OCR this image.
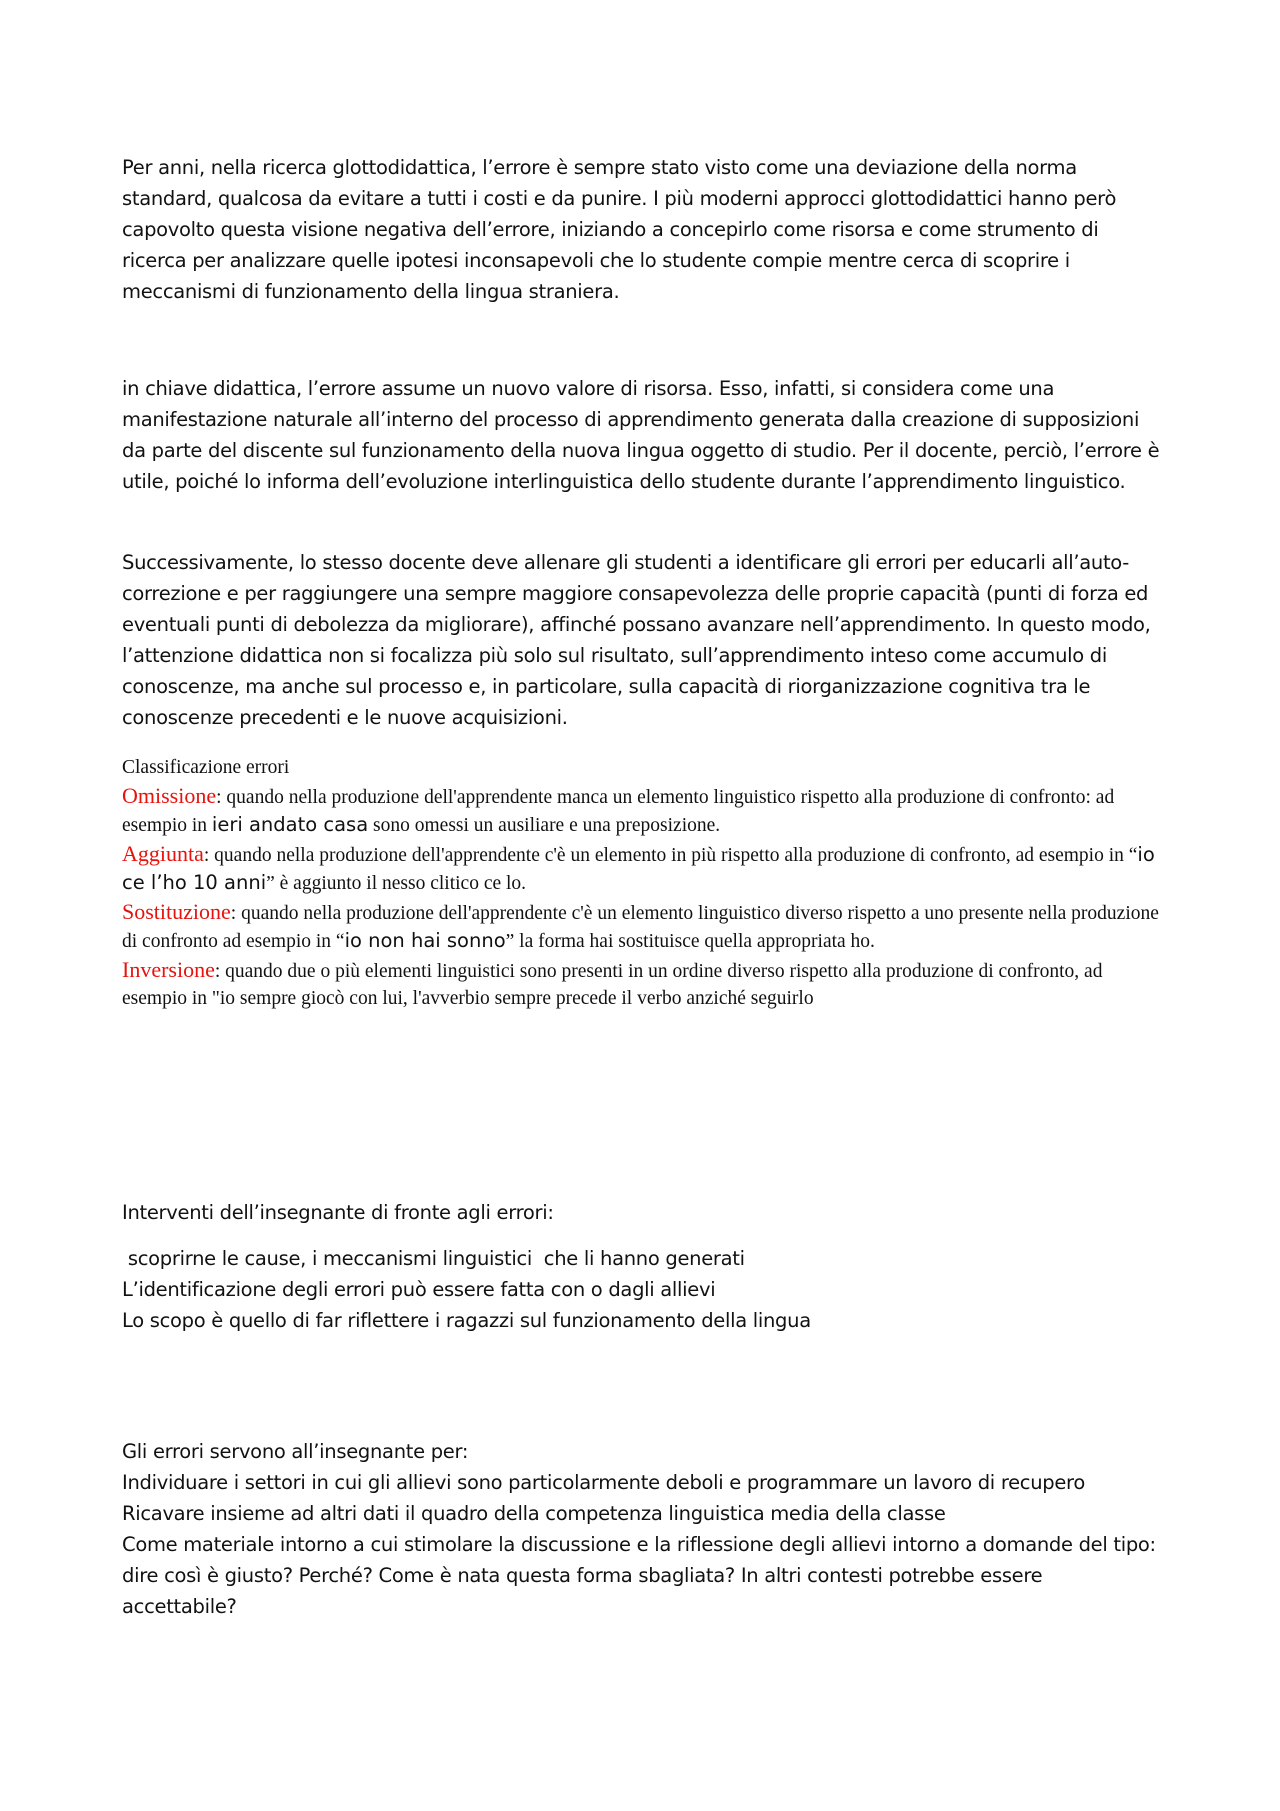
Per anni, nella ricerca glottodidattica, l’errore è sempre stato visto come una deviazione della norma standard, qualcosa da evitare a tutti i costi e da punire. I più moderni approcci glottodidattici hanno però capovolto questa visione negativa dell’errore, iniziando a concepirlo come risorsa e come strumento di ricerca per analizzare quelle ipotesi inconsapevoli che lo studente compie mentre cerca di scoprire i meccanismi di funzionamento della lingua straniera.

in chiave didattica, l’errore assume un nuovo valore di risorsa. Esso, infatti, si considera come una manifestazione naturale all’interno del processo di apprendimento generata dalla creazione di supposizioni da parte del discente sul funzionamento della nuova lingua oggetto di studio. Per il docente, perciò, l’errore è utile, poiché lo informa dell’evoluzione interlinguistica dello studente durante l’apprendimento linguistico.

Successivamente, lo stesso docente deve allenare gli studenti a identificare gli errori per educarli all’auto-correzione e per raggiungere una sempre maggiore consapevolezza delle proprie capacità (punti di forza ed eventuali punti di debolezza da migliorare), affinché possano avanzare nell’apprendimento. In questo modo, l’attenzione didattica non si focalizza più solo sul risultato, sull’apprendimento inteso come accumulo di conoscenze, ma anche sul processo e, in particolare, sulla capacità di riorganizzazione cognitiva tra le conoscenze precedenti e le nuove acquisizioni.

Classificazione errori

Omissione: quando nella produzione dell'apprendente manca un elemento linguistico rispetto alla produzione di confronto: ad esempio in ieri andato casa sono omessi un ausiliare e una preposizione.

Aggiunta: quando nella produzione dell'apprendente c'è un elemento in più rispetto alla produzione di confronto, ad esempio in “io ce l’ho 10 anni” è aggiunto il nesso clitico ce lo.

Sostituzione: quando nella produzione dell'apprendente c'è un elemento linguistico diverso rispetto a uno presente nella produzione di confronto ad esempio in “io non hai sonno” la forma hai sostituisce quella appropriata ho.

Inversione: quando due o più elementi linguistici sono presenti in un ordine diverso rispetto alla produzione di confronto, ad esempio in "io sempre giocò con lui, l'avverbio sempre precede il verbo anziché seguirlo

Interventi dell’insegnante di fronte agli errori:

scoprirne le cause, i meccanismi linguistici  che li hanno generati

L’identificazione degli errori può essere fatta con o dagli allievi

Lo scopo è quello di far riflettere i ragazzi sul funzionamento della lingua

Gli errori servono all’insegnante per:

Individuare i settori in cui gli allievi sono particolarmente deboli e programmare un lavoro di recupero

Ricavare insieme ad altri dati il quadro della competenza linguistica media della classe

Come materiale intorno a cui stimolare la discussione e la riflessione degli allievi intorno a domande del tipo: dire così è giusto? Perché? Come è nata questa forma sbagliata? In altri contesti potrebbe essere accettabile?
